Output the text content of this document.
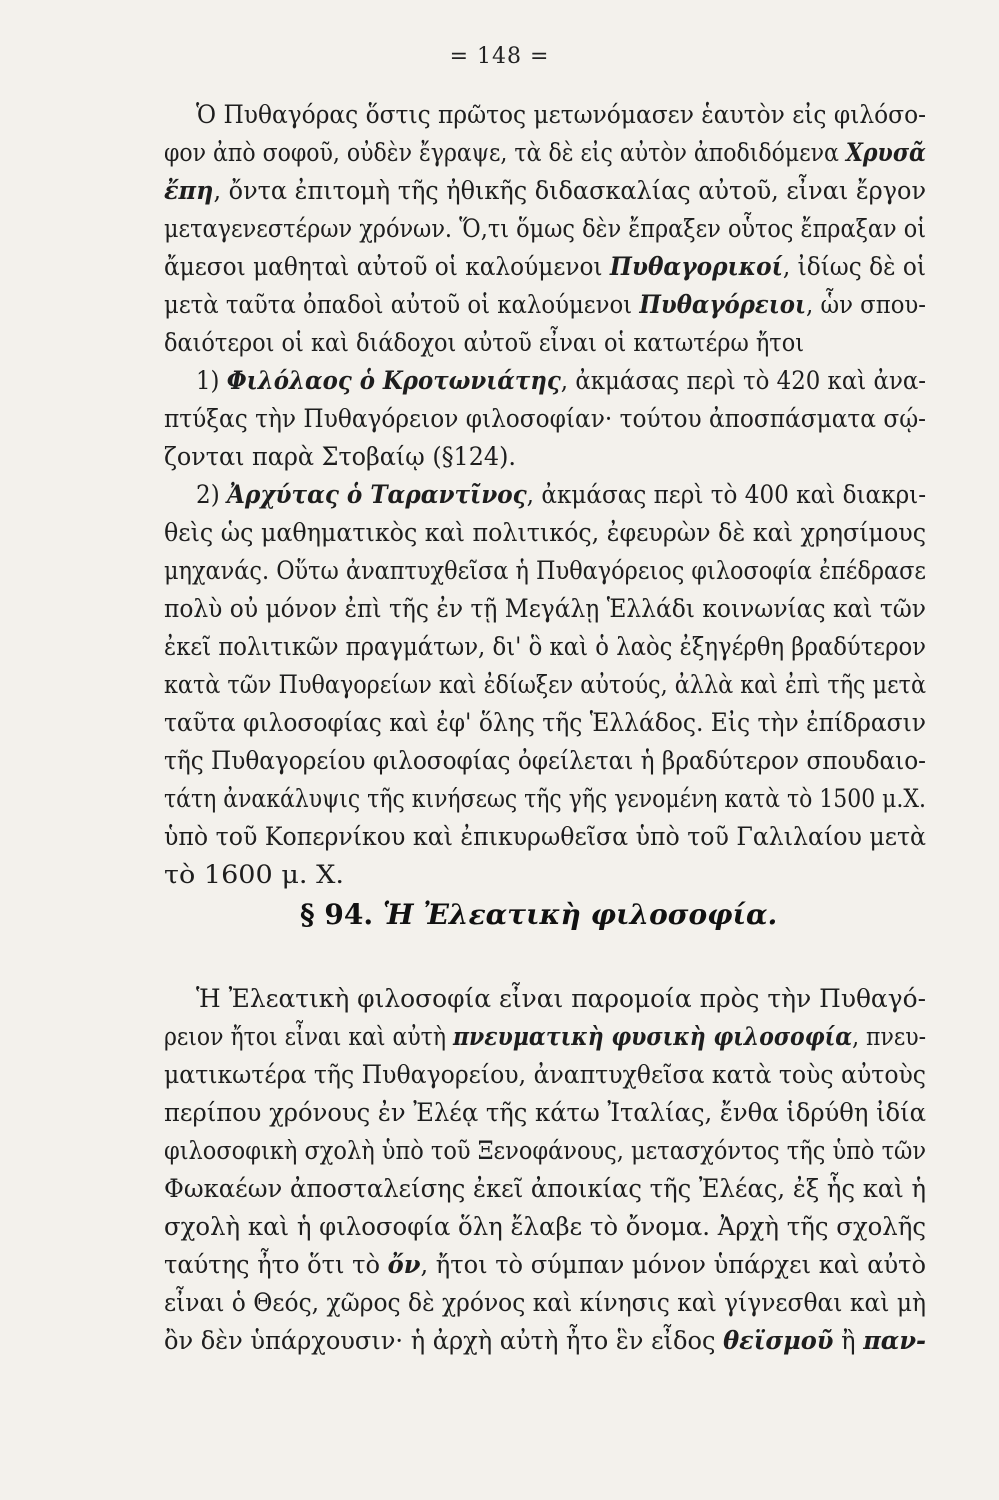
= 148 =
Ὁ Πυθαγόρας ὅστις πρῶτος μετωνόμασεν ἑαυτὸν εἰς φιλόσο-
φον ἀπὸ σοφοῦ, οὐδὲν ἔγραψε, τὰ δὲ εἰς αὐτὸν ἀποδιδόμενα Χρυσᾶ
ἔπη, ὄντα ἐπιτομὴ τῆς ἠθικῆς διδασκαλίας αὐτοῦ, εἶναι ἔργον
μεταγενεστέρων χρόνων. Ὅ,τι ὅμως δὲν ἔπραξεν οὗτος ἔπραξαν οἱ
ἄμεσοι μαθηταὶ αὐτοῦ οἱ καλούμενοι Πυθαγορικοί, ἰδίως δὲ οἱ
μετὰ ταῦτα ὀπαδοὶ αὐτοῦ οἱ καλούμενοι Πυθαγόρειοι, ὧν σπου-
δαιότεροι οἱ καὶ διάδοχοι αὐτοῦ εἶναι οἱ κατωτέρω ἤτοι
1) Φιλόλαος ὁ Κροτωνιάτης, ἀκμάσας περὶ τὸ 420 καὶ ἀνα-
πτύξας τὴν Πυθαγόρειον φιλοσοφίαν· τούτου ἀποσπάσματα σῴ-
ζονται παρὰ Στοβαίῳ (§124).
2) Ἀρχύτας ὁ Ταραντῖνος, ἀκμάσας περὶ τὸ 400 καὶ διακρι-
θεὶς ὡς μαθηματικὸς καὶ πολιτικός, ἐφευρὼν δὲ καὶ χρησίμους
μηχανάς. Οὕτω ἀναπτυχθεῖσα ἡ Πυθαγόρειος φιλοσοφία ἐπέδρασε
πολὺ οὐ μόνον ἐπὶ τῆς ἐν τῇ Μεγάλῃ Ἑλλάδι κοινωνίας καὶ τῶν
ἐκεῖ πολιτικῶν πραγμάτων, δι' ὃ καὶ ὁ λαὸς ἐξηγέρθη βραδύτερον
κατὰ τῶν Πυθαγορείων καὶ ἐδίωξεν αὐτούς, ἀλλὰ καὶ ἐπὶ τῆς μετὰ
ταῦτα φιλοσοφίας καὶ ἐφ' ὅλης τῆς Ἑλλάδος. Εἰς τὴν ἐπίδρασιν
τῆς Πυθαγορείου φιλοσοφίας ὀφείλεται ἡ βραδύτερον σπουδαιο-
τάτη ἀνακάλυψις τῆς κινήσεως τῆς γῆς γενομένη κατὰ τὸ 1500 μ.Χ.
ὑπὸ τοῦ Κοπερνίκου καὶ ἐπικυρωθεῖσα ὑπὸ τοῦ Γαλιλαίου μετὰ
τὸ 1600 μ. Χ.
§ 94. Ἡ Ἐλεατικὴ φιλοσοφία.
Ἡ Ἐλεατικὴ φιλοσοφία εἶναι παρομοία πρὸς τὴν Πυθαγό-
ρειον ἤτοι εἶναι καὶ αὐτὴ πνευματικὴ φυσικὴ φιλοσοφία, πνευ-
ματικωτέρα τῆς Πυθαγορείου, ἀναπτυχθεῖσα κατὰ τοὺς αὐτοὺς
περίπου χρόνους ἐν Ἐλέᾳ τῆς κάτω Ἰταλίας, ἔνθα ἱδρύθη ἰδία
φιλοσοφικὴ σχολὴ ὑπὸ τοῦ Ξενοφάνους, μετασχόντος τῆς ὑπὸ τῶν
Φωκαέων ἀποσταλείσης ἐκεῖ ἀποικίας τῆς Ἐλέας, ἐξ ἧς καὶ ἡ
σχολὴ καὶ ἡ φιλοσοφία ὅλη ἔλαβε τὸ ὄνομα. Ἀρχὴ τῆς σχολῆς
ταύτης ἦτο ὅτι τὸ ὄν, ἤτοι τὸ σύμπαν μόνον ὑπάρχει καὶ αὐτὸ
εἶναι ὁ Θεός, χῶρος δὲ χρόνος καὶ κίνησις καὶ γίγνεσθαι καὶ μὴ
ὂν δὲν ὑπάρχουσιν· ἡ ἀρχὴ αὐτὴ ἦτο ἓν εἶδος θεϊσμοῦ ἢ παν-
